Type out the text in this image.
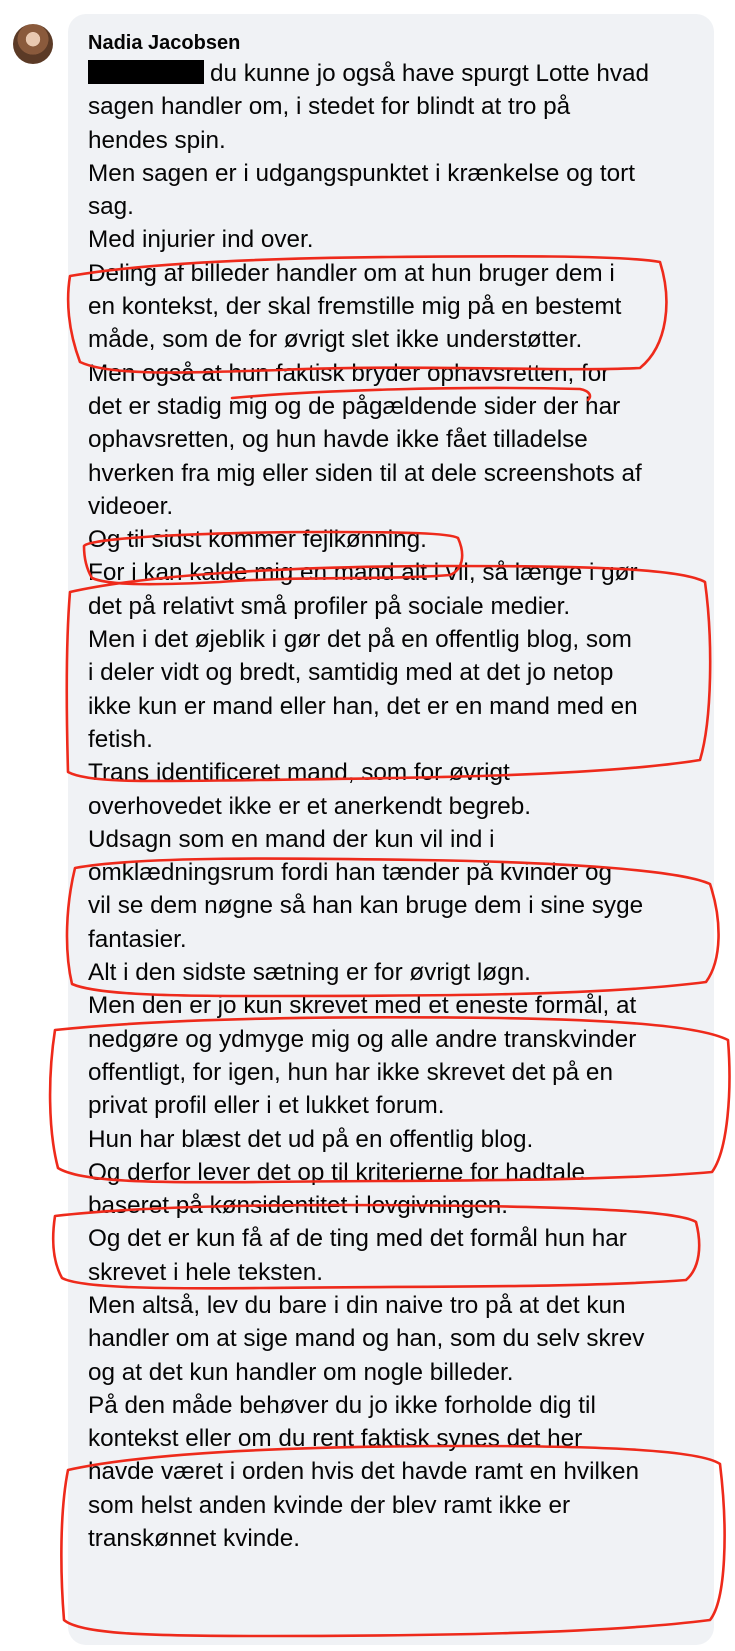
Nadia Jacobsen
du kunne jo også have spurgt Lotte hvad
sagen handler om, i stedet for blindt at tro på
hendes spin.
Men sagen er i udgangspunktet i krænkelse og tort
sag.
Med injurier ind over.
Deling af billeder handler om at hun bruger dem i
en kontekst, der skal fremstille mig på en bestemt
måde, som de for øvrigt slet ikke understøtter.
Men også at hun faktisk bryder ophavsretten, for
det er stadig mig og de pågældende sider der har
ophavsretten, og hun havde ikke fået tilladelse
hverken fra mig eller siden til at dele screenshots af
videoer.
Og til sidst kommer fejlkønning.
For i kan kalde mig en mand alt i vil, så længe i gør
det på relativt små profiler på sociale medier.
Men i det øjeblik i gør det på en offentlig blog, som
i deler vidt og bredt, samtidig med at det jo netop
ikke kun er mand eller han, det er en mand med en
fetish.
Trans identificeret mand, som for øvrigt
overhovedet ikke er et anerkendt begreb.
Udsagn som en mand der kun vil ind i
omklædningsrum fordi han tænder på kvinder og
vil se dem nøgne så han kan bruge dem i sine syge
fantasier.
Alt i den sidste sætning er for øvrigt løgn.
Men den er jo kun skrevet med et eneste formål, at
nedgøre og ydmyge mig og alle andre transkvinder
offentligt, for igen, hun har ikke skrevet det på en
privat profil eller i et lukket forum.
Hun har blæst det ud på en offentlig blog.
Og derfor lever det op til kriterierne for hadtale
baseret på kønsidentitet i lovgivningen.
Og det er kun få af de ting med det formål hun har
skrevet i hele teksten.
Men altså, lev du bare i din naive tro på at det kun
handler om at sige mand og han, som du selv skrev
og at det kun handler om nogle billeder.
På den måde behøver du jo ikke forholde dig til
kontekst eller om du rent faktisk synes det her
havde været i orden hvis det havde ramt en hvilken
som helst anden kvinde der blev ramt ikke er
transkønnet kvinde.
